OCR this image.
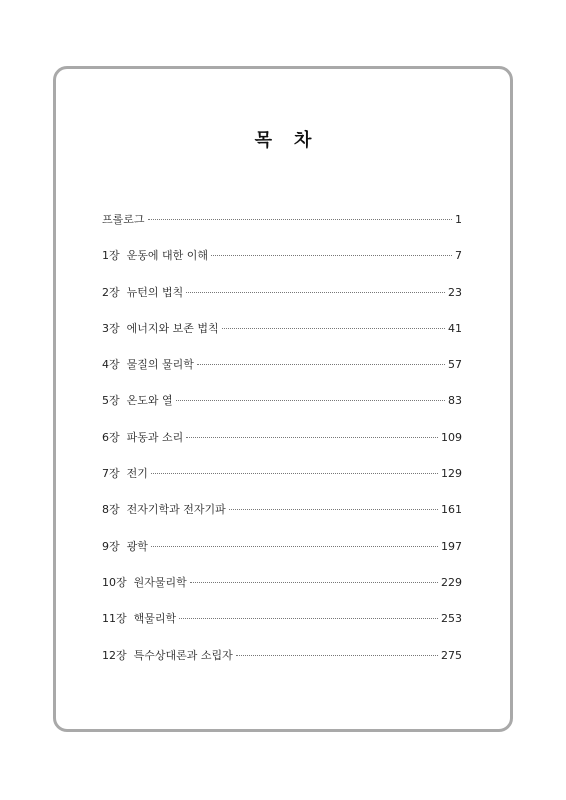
목 차
프롤로그	1
1장  운동에 대한 이해	7
2장  뉴턴의 법칙	23
3장  에너지와 보존 법칙	41
4장  물질의 물리학	57
5장  온도와 열	83
6장  파동과 소리	109
7장  전기	129
8장  전자기학과 전자기파	161
9장  광학	197
10장  원자물리학	229
11장  핵물리학	253
12장  특수상대론과 소립자	275
